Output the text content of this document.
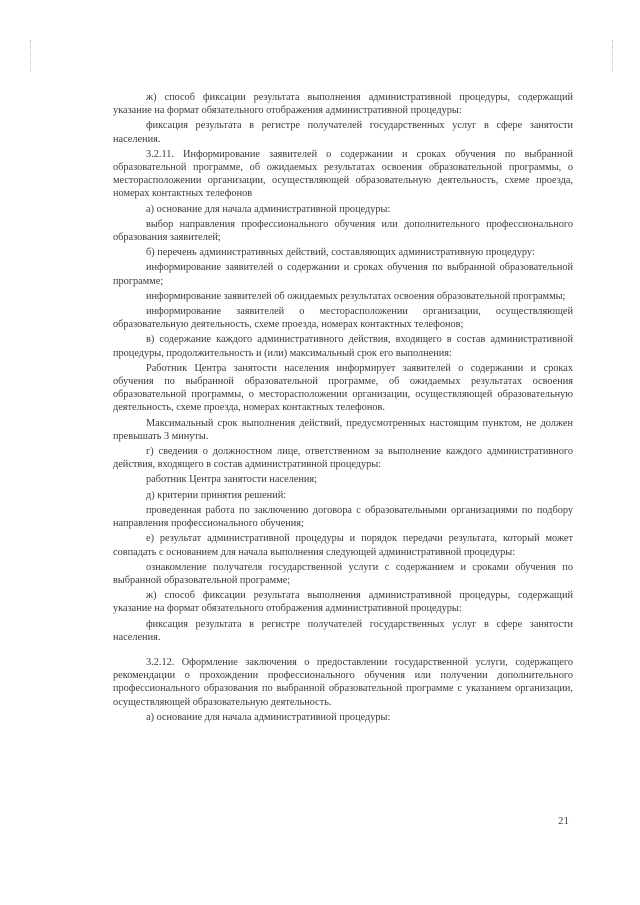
ж) способ фиксации результата выполнения административной процедуры, содержащий указание на формат обязательного отображения административной процедуры:

фиксация результата в регистре получателей государственных услуг в сфере занятости населения.

3.2.11. Информирование заявителей о содержании и сроках обучения по выбранной образовательной программе, об ожидаемых результатах освоения образовательной программы, о месторасположении организации, осуществляющей образовательную деятельность, схеме проезда, номерах контактных телефонов

а) основание для начала административной процедуры:

выбор направления профессионального обучения или дополнительного профессионального образования заявителей;

б) перечень административных действий, составляющих административную процедуру:

информирование заявителей о содержании и сроках обучения по выбранной образовательной программе;

информирование заявителей об ожидаемых результатах освоения образовательной программы;

информирование заявителей о месторасположении организации, осуществляющей образовательную деятельность, схеме проезда, номерах контактных телефонов;

в) содержание каждого административного действия, входящего в состав административной процедуры, продолжительность и (или) максимальный срок его выполнения:

Работник Центра занятости населения информирует заявителей о содержании и сроках обучения по выбранной образовательной программе, об ожидаемых результатах освоения образовательной программы, о месторасположении организации, осуществляющей образовательную деятельность, схеме проезда, номерах контактных телефонов.

Максимальный срок выполнения действий, предусмотренных настоящим пунктом, не должен превышать 3 минуты.

г) сведения о должностном лице, ответственном за выполнение каждого административного действия, входящего в состав административной процедуры:

работник Центра занятости населения;

д) критерии принятия решений:

проведенная работа по заключению договора с образовательными организациями по подбору направления профессионального обучения;

е) результат административной процедуры и порядок передачи результата, который может совпадать с основанием для начала выполнения следующей административной процедуры:

ознакомление получателя государственной услуги с содержанием и сроками обучения по выбранной образовательной программе;

ж) способ фиксации результата выполнения административной процедуры, содержащий указание на формат обязательного отображения административной процедуры:

фиксация результата в регистре получателей государственных услуг в сфере занятости населения.

3.2.12. Оформление заключения о предоставлении государственной услуги, содержащего рекомендации о прохождении профессионального обучения или получении дополнительного профессионального образования по выбранной образовательной программе с указанием организации, осуществляющей образовательную деятельность.

а) основание для начала административной процедуры:

21
